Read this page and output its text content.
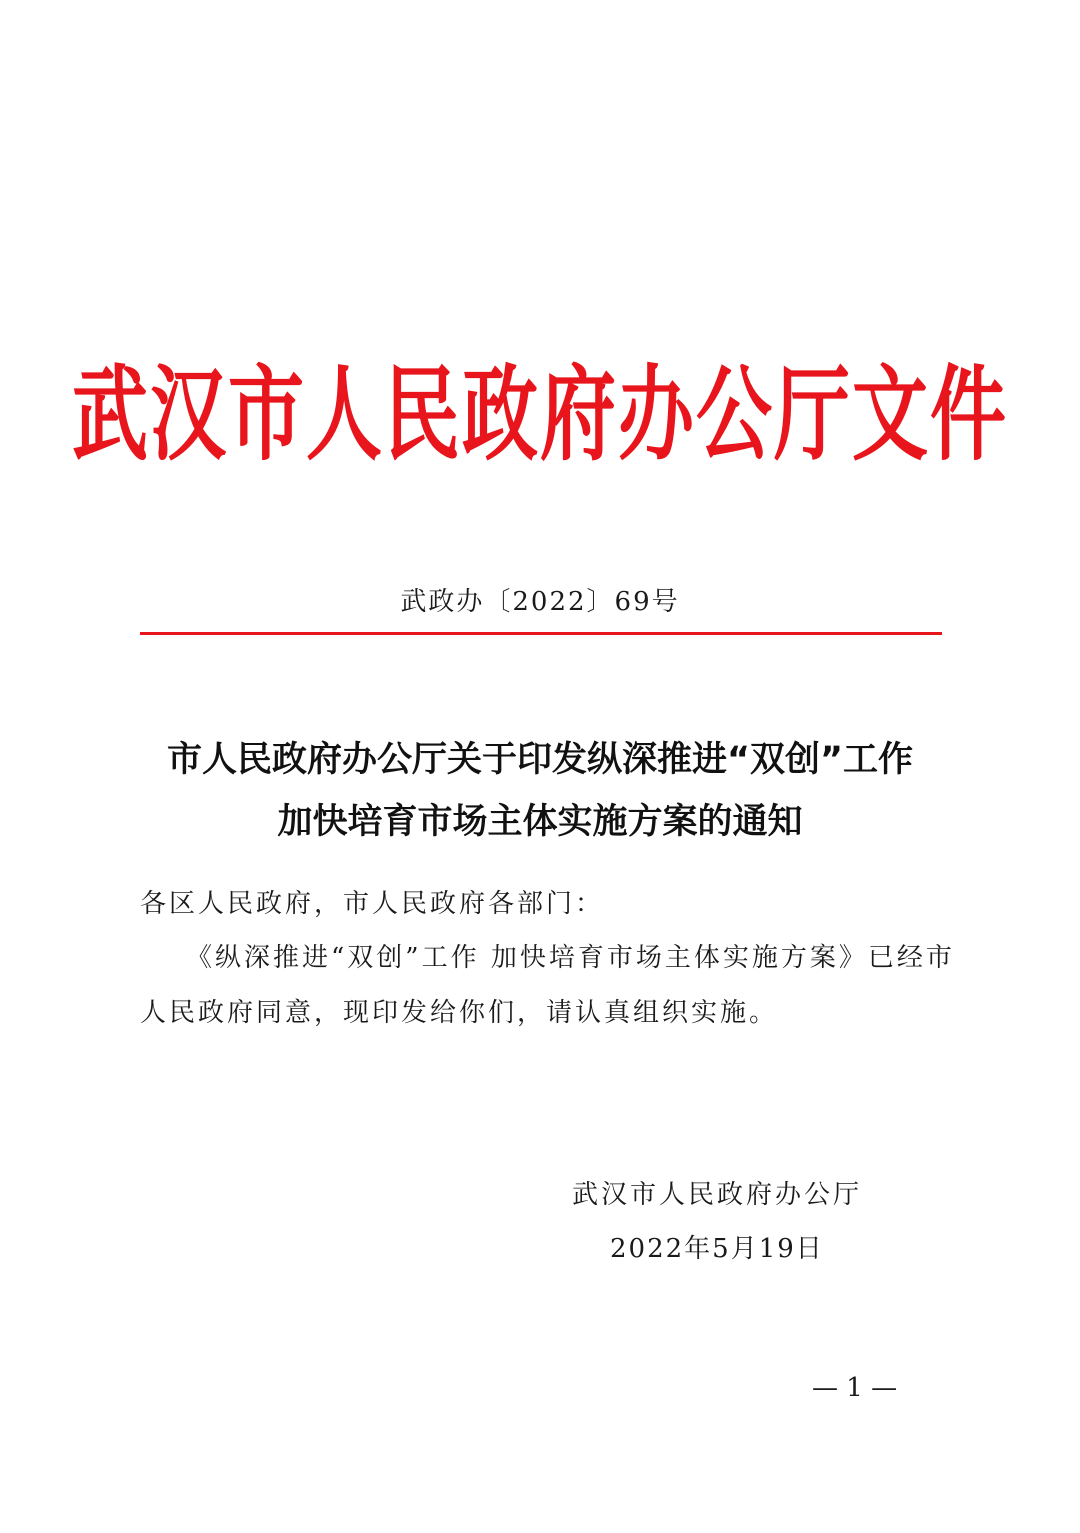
武汉市人民政府办公厅文件
武政办〔2022〕69号
市人民政府办公厅关于印发纵深推进“双创”工作
加快培育市场主体实施方案的通知
各区人民政府，市人民政府各部门：
《纵深推进“双创”工作 加快培育市场主体实施方案》已经市
人民政府同意，现印发给你们，请认真组织实施。
武汉市人民政府办公厅
2022年5月19日
— 1 —
